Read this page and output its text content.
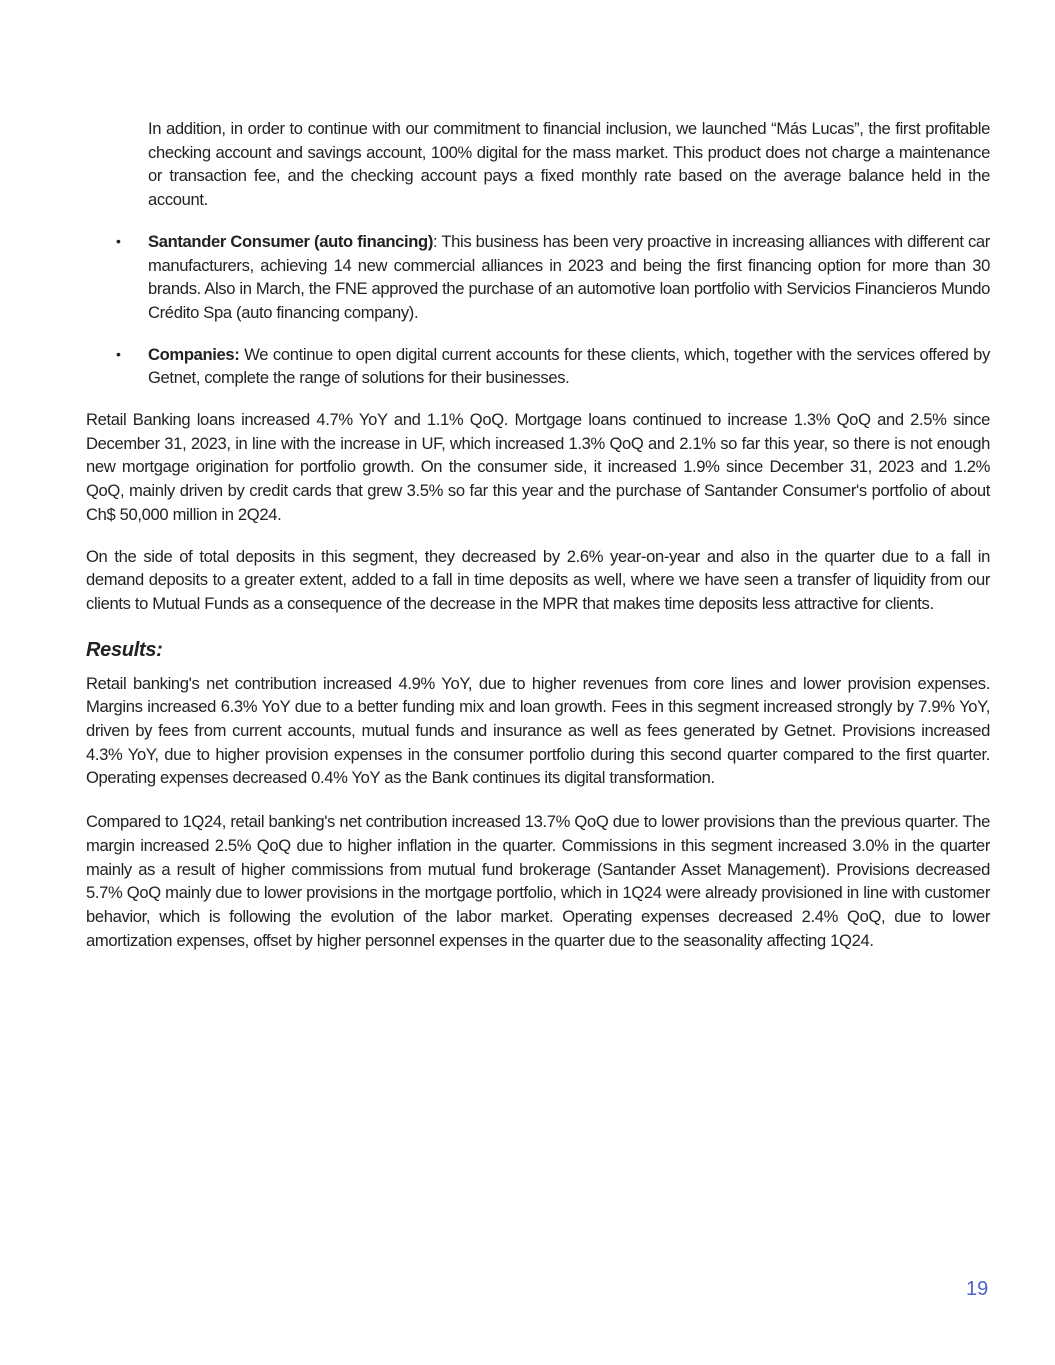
In addition, in order to continue with our commitment to financial inclusion, we launched “Más Lucas”, the first profitable checking account and savings account, 100% digital for the mass market. This product does not charge a maintenance or transaction fee, and the checking account pays a fixed monthly rate based on the average balance held in the account.

• Santander Consumer (auto financing): This business has been very proactive in increasing alliances with different car manufacturers, achieving 14 new commercial alliances in 2023 and being the first financing option for more than 30 brands. Also in March, the FNE approved the purchase of an automotive loan portfolio with Servicios Financieros Mundo Crédito Spa (auto financing company).

• Companies: We continue to open digital current accounts for these clients, which, together with the services offered by Getnet, complete the range of solutions for their businesses.

Retail Banking loans increased 4.7% YoY and 1.1% QoQ. Mortgage loans continued to increase 1.3% QoQ and 2.5% since December 31, 2023, in line with the increase in UF, which increased 1.3% QoQ and 2.1% so far this year, so there is not enough new mortgage origination for portfolio growth. On the consumer side, it increased 1.9% since December 31, 2023 and 1.2% QoQ, mainly driven by credit cards that grew 3.5% so far this year and the purchase of Santander Consumer's portfolio of about Ch$ 50,000 million in 2Q24.

On the side of total deposits in this segment, they decreased by 2.6% year-on-year and also in the quarter due to a fall in demand deposits to a greater extent, added to a fall in time deposits as well, where we have seen a transfer of liquidity from our clients to Mutual Funds as a consequence of the decrease in the MPR that makes time deposits less attractive for clients.

Results:

Retail banking's net contribution increased 4.9% YoY, due to higher revenues from core lines and lower provision expenses. Margins increased 6.3% YoY due to a better funding mix and loan growth. Fees in this segment increased strongly by 7.9% YoY, driven by fees from current accounts, mutual funds and insurance as well as fees generated by Getnet. Provisions increased 4.3% YoY, due to higher provision expenses in the consumer portfolio during this second quarter compared to the first quarter. Operating expenses decreased 0.4% YoY as the Bank continues its digital transformation.

Compared to 1Q24, retail banking's net contribution increased 13.7% QoQ due to lower provisions than the previous quarter. The margin increased 2.5% QoQ due to higher inflation in the quarter. Commissions in this segment increased 3.0% in the quarter mainly as a result of higher commissions from mutual fund brokerage (Santander Asset Management). Provisions decreased 5.7% QoQ mainly due to lower provisions in the mortgage portfolio, which in 1Q24 were already provisioned in line with customer behavior, which is following the evolution of the labor market. Operating expenses decreased 2.4% QoQ, due to lower amortization expenses, offset by higher personnel expenses in the quarter due to the seasonality affecting 1Q24.

19
